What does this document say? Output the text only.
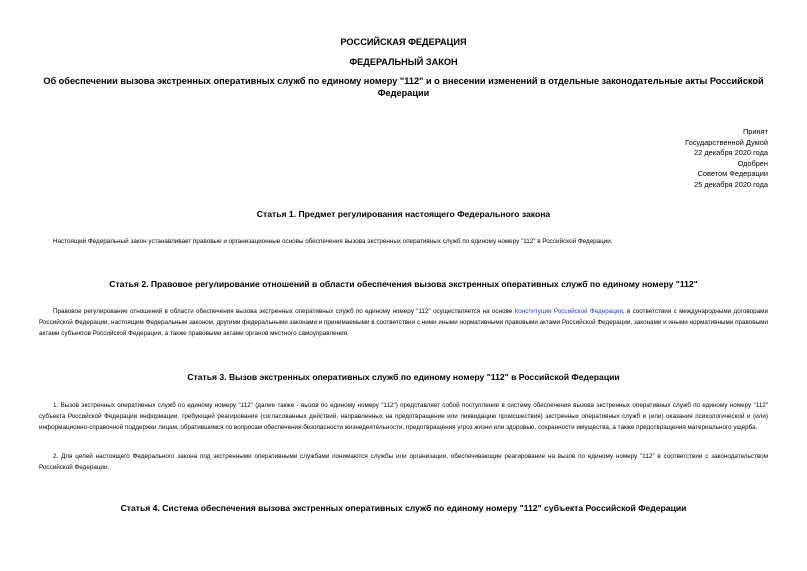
РОССИЙСКАЯ ФЕДЕРАЦИЯ
ФЕДЕРАЛЬНЫЙ ЗАКОН
Об обеспечении вызова экстренных оперативных служб по единому номеру "112" и о внесении изменений в отдельные законодательные акты Российской Федерации
Принят
Государственной Думой
22 декабря 2020 года
Одобрен
Советом Федерации
25 декабря 2020 года
Статья 1. Предмет регулирования настоящего Федерального закона
Настоящий Федеральный закон устанавливает правовые и организационные основы обеспечения вызова экстренных оперативных служб по единому номеру "112" в Российской Федерации.
Статья 2. Правовое регулирование отношений в области обеспечения вызова экстренных оперативных служб по единому номеру "112"
Правовое регулирование отношений в области обеспечения вызова экстренных оперативных служб по единому номеру "112" осуществляется на основе Конституции Российской Федерации, в соответствии с международными договорами Российской Федерации, настоящим Федеральным законом, другими федеральными законами и принимаемыми в соответствии с ними иными нормативными правовыми актами Российской Федерации, законами и иными нормативными правовыми актами субъектов Российской Федерации, а также правовыми актами органов местного самоуправления.
Статья 3. Вызов экстренных оперативных служб по единому номеру "112" в Российской Федерации
1. Вызов экстренных оперативных служб по единому номеру "112" (далее также - вызов по единому номеру "112") представляет собой поступление в систему обеспечения вызова экстренных оперативных служб по единому номеру "112" субъекта Российской Федерации информации, требующей реагирования (согласованных действий, направленных на предотвращение или ликвидацию происшествия) экстренных оперативных служб и (или) оказания психологической и (или) информационно-справочной поддержки лицам, обратившимся по вопросам обеспечения безопасности жизнедеятельности, предотвращения угроз жизни или здоровью, сохранности имущества, а также предотвращения материального ущерба.
2. Для целей настоящего Федерального закона под экстренными оперативными службами понимаются службы или организации, обеспечивающие реагирование на вызов по единому номеру "112" в соответствии с законодательством Российской Федерации.
Статья 4. Система обеспечения вызова экстренных оперативных служб по единому номеру "112" субъекта Российской Федерации
